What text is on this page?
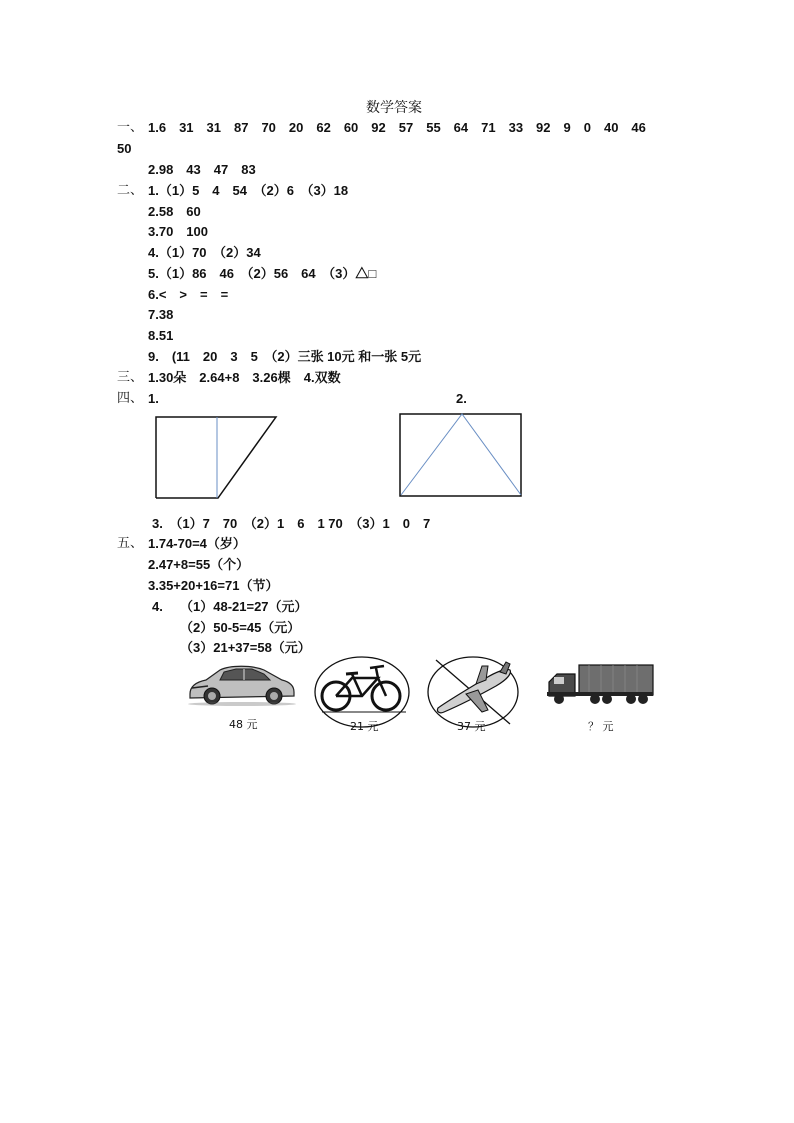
数学答案
一、 1.6　31　31　87　70　20　62　60　92　57　55　64　71　33　92　9　0　40　46
50
2.98　43　47　83
二、 1.（1）5　4　54　（2）6　（3）18
2.58　60
3.70　100
4.（1）70　（2）34
5.（1）86　46　（2）56　64　（3）△□
6.<　>　=　=
7.38
8.51
9.　(11　20　3　5　（2）三张 10元 和一张 5元
三、 1.30朵　2.64+8　3.26棵　4.双数
四、 1.	2.
3.　（1）7　70　（2）1　6　1 70　（3）1　0　7
五、 1.74-70=4（岁）
2.47+8=55（个）
3.35+20+16=71（节）
4. （1）48-21=27（元）
（2）50-5=45（元）
（3）21+37=58（元）
48 元	21 元	37 元	？ 元
